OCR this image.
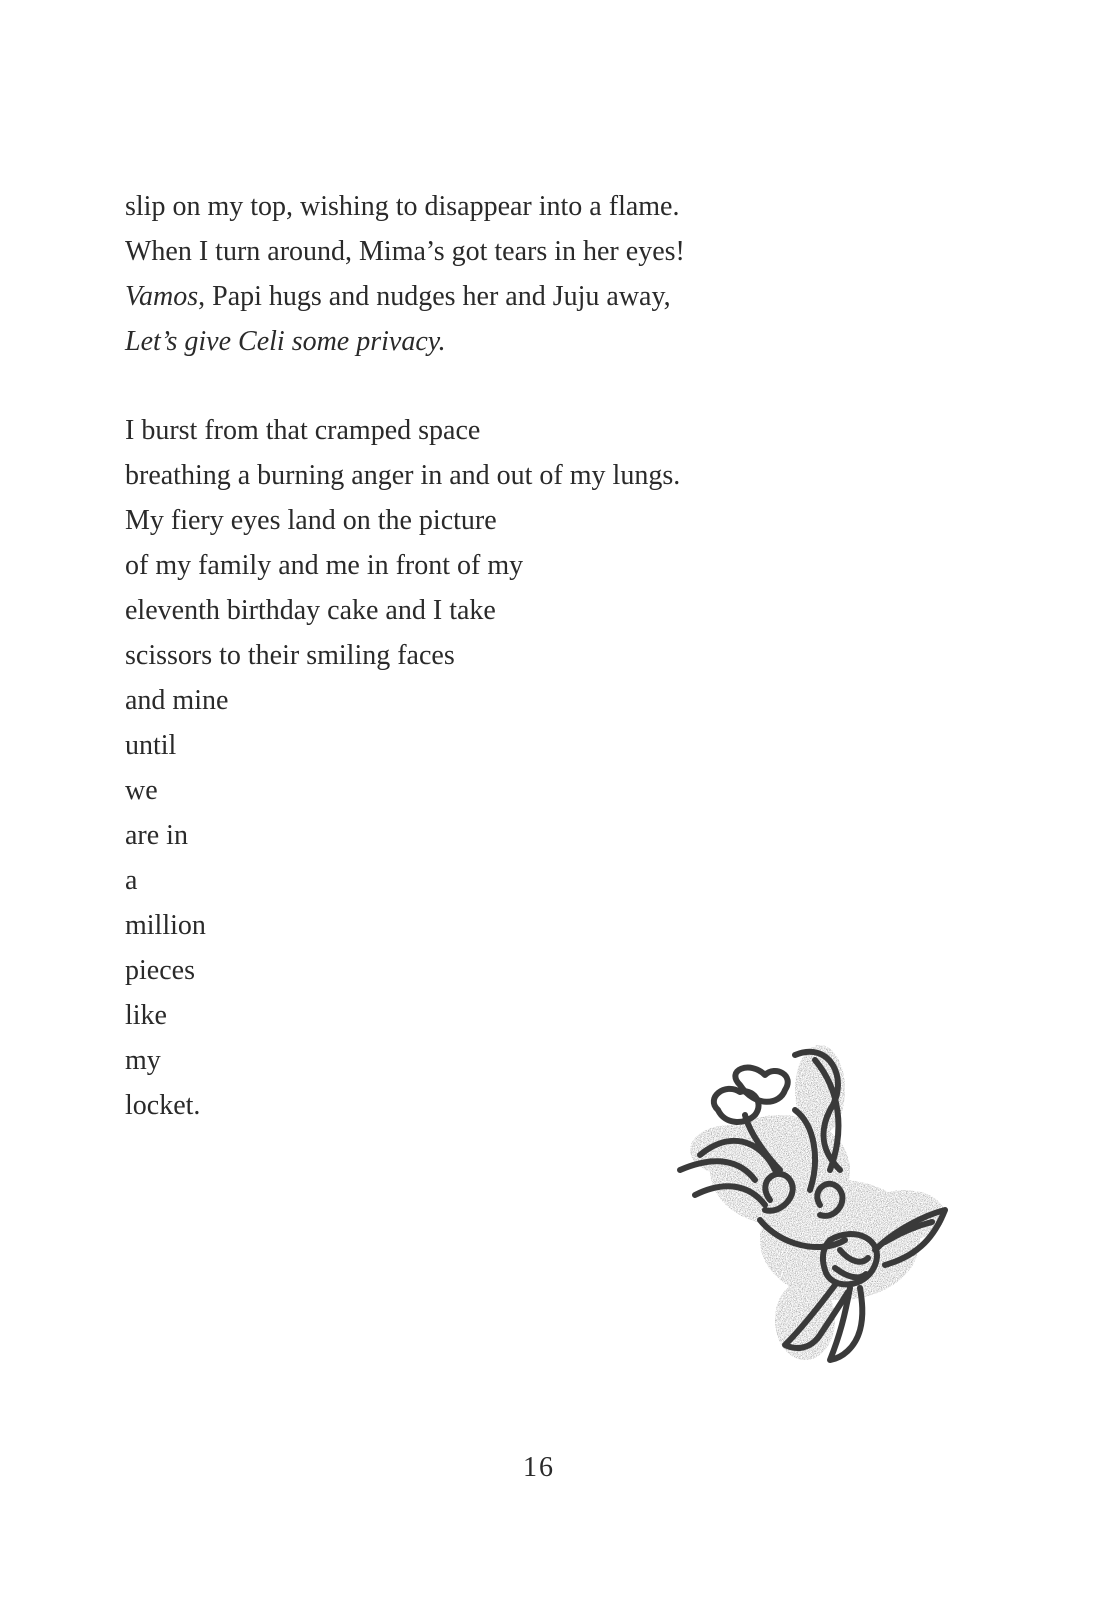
slip on my top, wishing to disappear into a flame.
When I turn around, Mima’s got tears in her eyes!
Vamos, Papi hugs and nudges her and Juju away,
Let’s give Celi some privacy.
I burst from that cramped space
breathing a burning anger in and out of my lungs.
My fiery eyes land on the picture
of my family and me in front of my
eleventh birthday cake and I take
scissors to their smiling faces
and mine
until
we
are in
a
million
pieces
like
my
locket.
16
